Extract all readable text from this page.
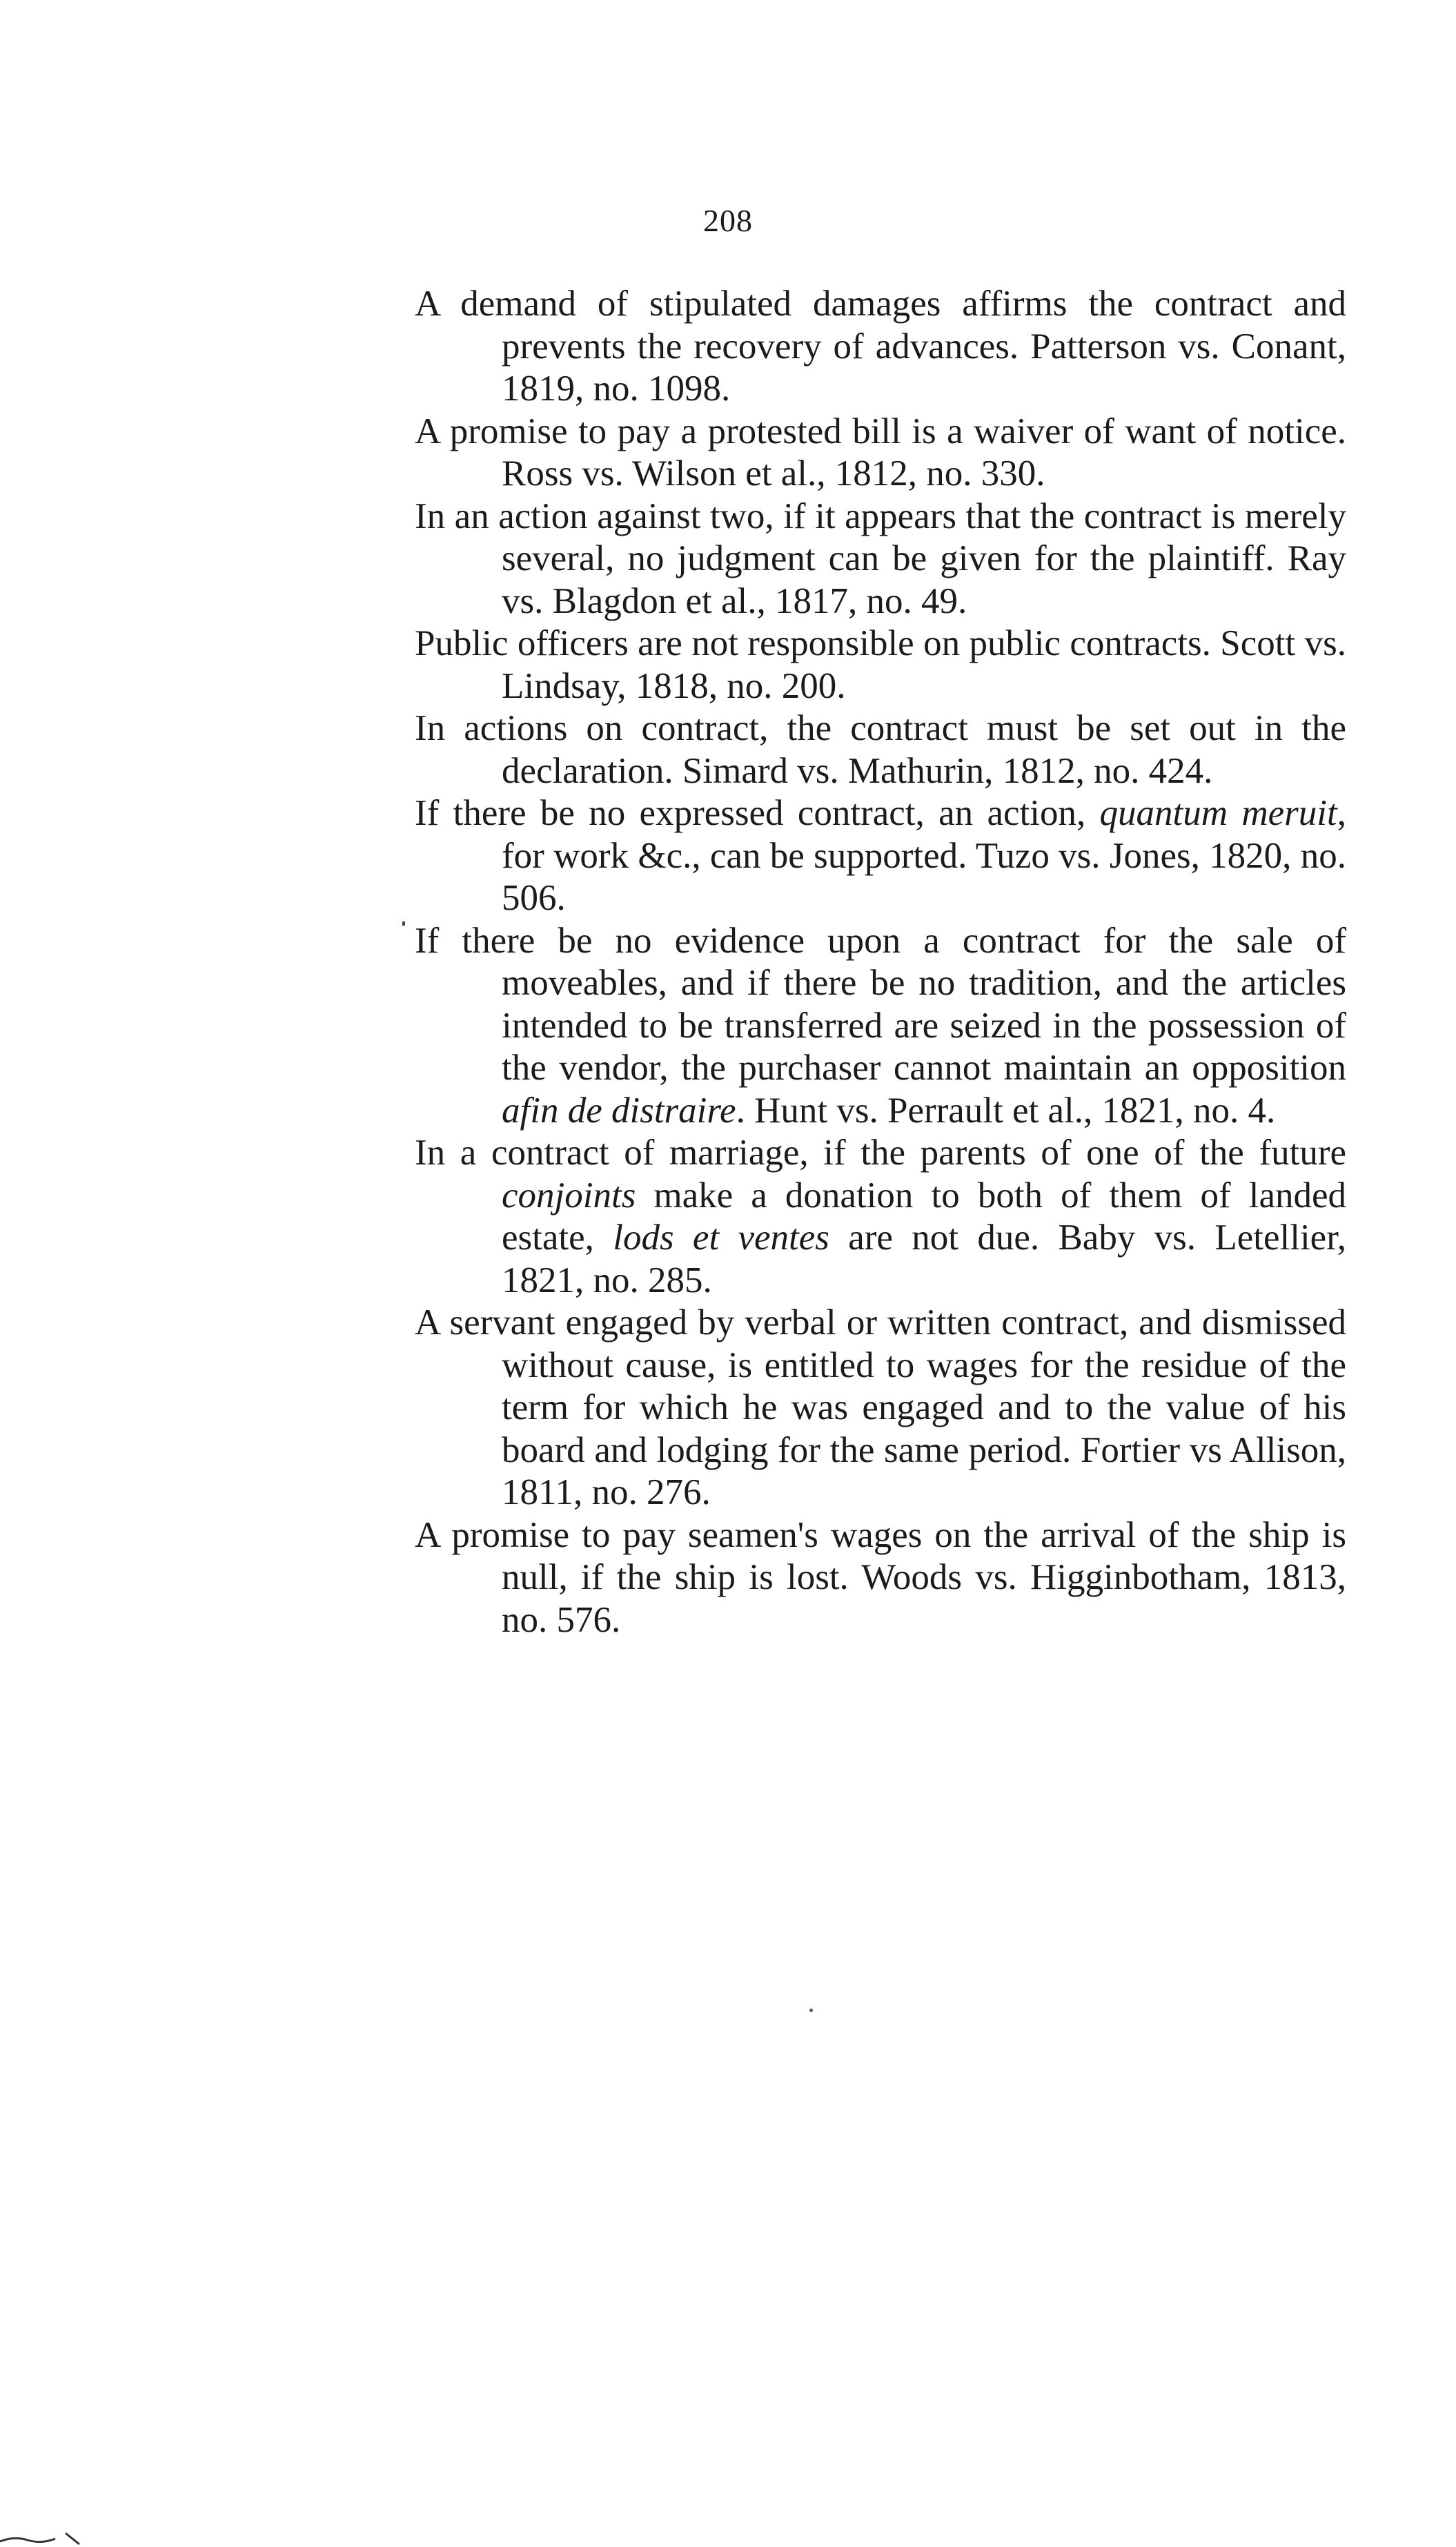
208

A demand of stipulated damages affirms the contract and prevents the recovery of advances. Patterson vs. Conant, 1819, no. 1098.

A promise to pay a protested bill is a waiver of want of notice. Ross vs. Wilson et al., 1812, no. 330.

In an action against two, if it appears that the contract is merely several, no judgment can be given for the plaintiff. Ray vs. Blagdon et al., 1817, no. 49.

Public officers are not responsible on public contracts. Scott vs. Lindsay, 1818, no. 200.

In actions on contract, the contract must be set out in the declaration. Simard vs. Mathurin, 1812, no. 424.

If there be no expressed contract, an action, quantum meruit, for work &c., can be supported. Tuzo vs. Jones, 1820, no. 506.

If there be no evidence upon a contract for the sale of moveables, and if there be no tradition, and the articles intended to be transferred are seized in the possession of the vendor, the purchaser cannot maintain an opposition afin de distraire. Hunt vs. Perrault et al., 1821, no. 4.

In a contract of marriage, if the parents of one of the future conjoints make a donation to both of them of landed estate, lods et ventes are not due. Baby vs. Letellier, 1821, no. 285.

A servant engaged by verbal or written contract, and dismissed without cause, is entitled to wages for the residue of the term for which he was engaged and to the value of his board and lodging for the same period. Fortier vs Allison, 1811, no. 276.

A promise to pay seamen's wages on the arrival of the ship is null, if the ship is lost. Woods vs. Higginbotham, 1813, no. 576.
